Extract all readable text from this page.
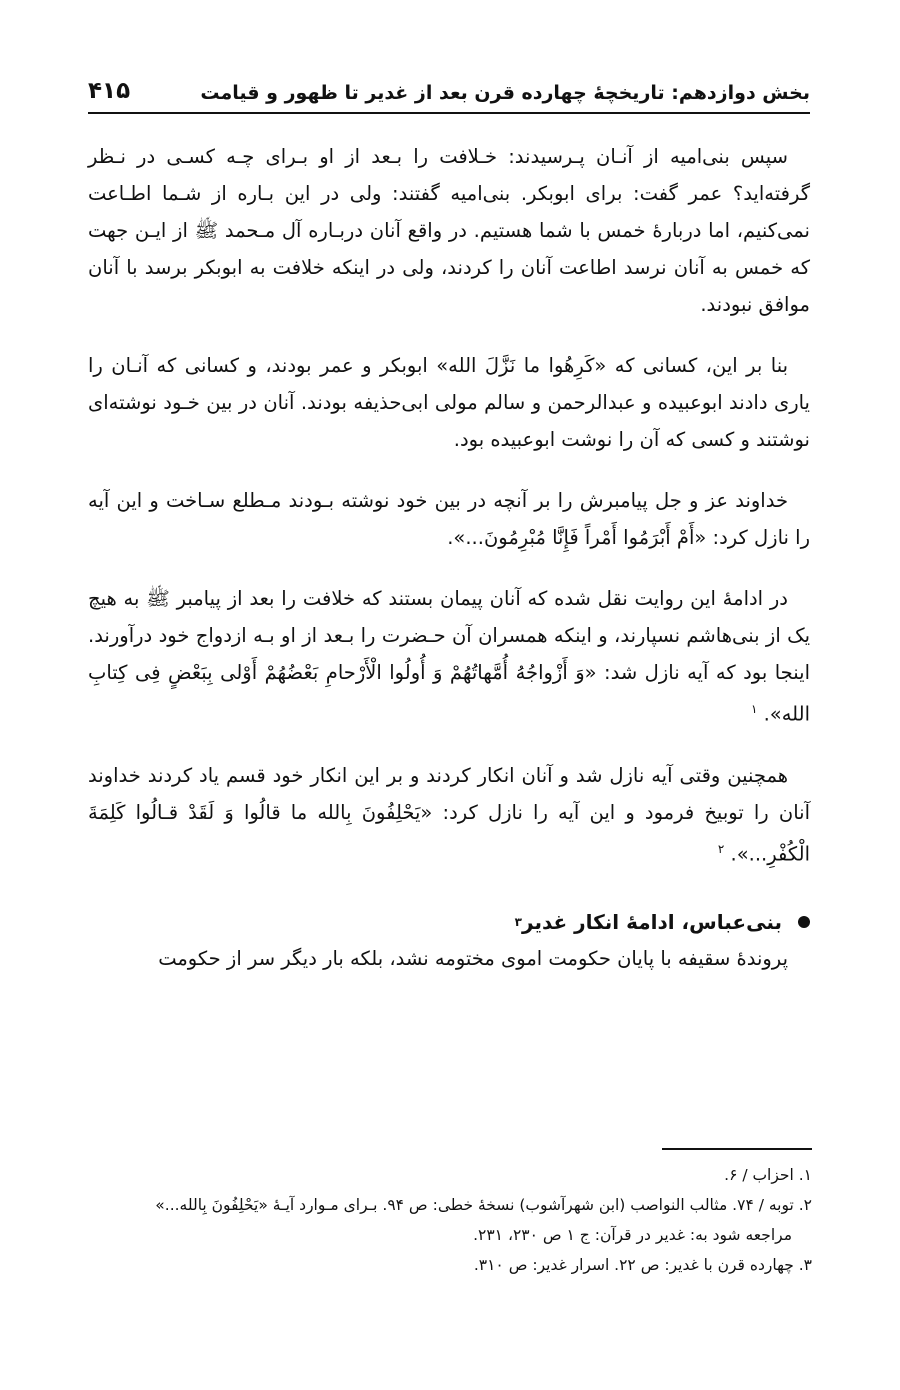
بخش دوازدهم: تاریخچهٔ چهارده قرن بعد از غدیر تا ظهور و قیامت
۴۱۵

سپس بنی‌امیه از آنـان پـرسیدند: خـلافت را بـعد از او بـرای چـه کسـی در نـظر گرفته‌اید؟ عمر گفت: برای ابوبکر. بنی‌امیه گفتند: ولی در این بـاره از شـما اطـاعت نمی‌کنیم، اما دربارهٔ خمس با شما هستیم. در واقع آنان دربـاره آل مـحمد ﷺ از ایـن جهت که خمس به آنان نرسد اطاعت آنان را کردند، ولی در اینکه خلافت به ابوبکر برسد با آنان موافق نبودند.

بنا بر این، کسانی که «کَرِهُوا ما نَزَّلَ الله» ابوبکر و عمر بودند، و کسانی که آنـان را یاری دادند ابوعبیده و عبدالرحمن و سالم مولی ابی‌حذیفه بودند. آنان در بین خـود نوشته‌ای نوشتند و کسی که آن را نوشت ابوعبیده بود.

خداوند عز و جل پیامبرش را بر آنچه در بین خود نوشته بـودند مـطلع سـاخت و این آیه را نازل کرد: «أَمْ أَبْرَمُوا أَمْراً فَإِنَّا مُبْرِمُونَ...».

در ادامهٔ این روایت نقل شده که آنان پیمان بستند که خلافت را بعد از پیامبر ﷺ به هیچ یک از بنی‌هاشم نسپارند، و اینکه همسران آن حـضرت را بـعد از او بـه ازدواج خود درآورند. اینجا بود که آیه نازل شد: «وَ أَزْواجُهُ أُمَّهاتُهُمْ وَ أُولُوا الْأَرْحامِ بَعْضُهُمْ أَوْلی بِبَعْضٍ فِی کِتابِ الله». $^۱$

همچنین وقتی آیه نازل شد و آنان انکار کردند و بر این انکار خود قسم یاد کردند خداوند آنان را توبیخ فرمود و این آیه را نازل کرد: «یَحْلِفُونَ بِالله ما قالُوا وَ لَقَدْ قـالُوا کَلِمَةَ الْکُفْرِ...». $^۲$

بنی‌عباس، ادامهٔ انکار غدیر
۳

پروندهٔ سقیفه با پایان حکومت اموی مختومه نشد، بلکه بار دیگر سر از حکومت

۱. احزاب / ۶.

۲. توبه / ۷۴. مثالب النواصب (ابن شهرآشوب) نسخهٔ خطی: ص ۹۴. بـرای مـوارد آیـهٔ «یَحْلِفُونَ بِالله...»

مراجعه شود به: غدیر در قرآن: ج ۱ ص ۲۳۰، ۲۳۱.

۳. چهارده قرن با غدیر: ص ۲۲. اسرار غدیر: ص ۳۱۰.
